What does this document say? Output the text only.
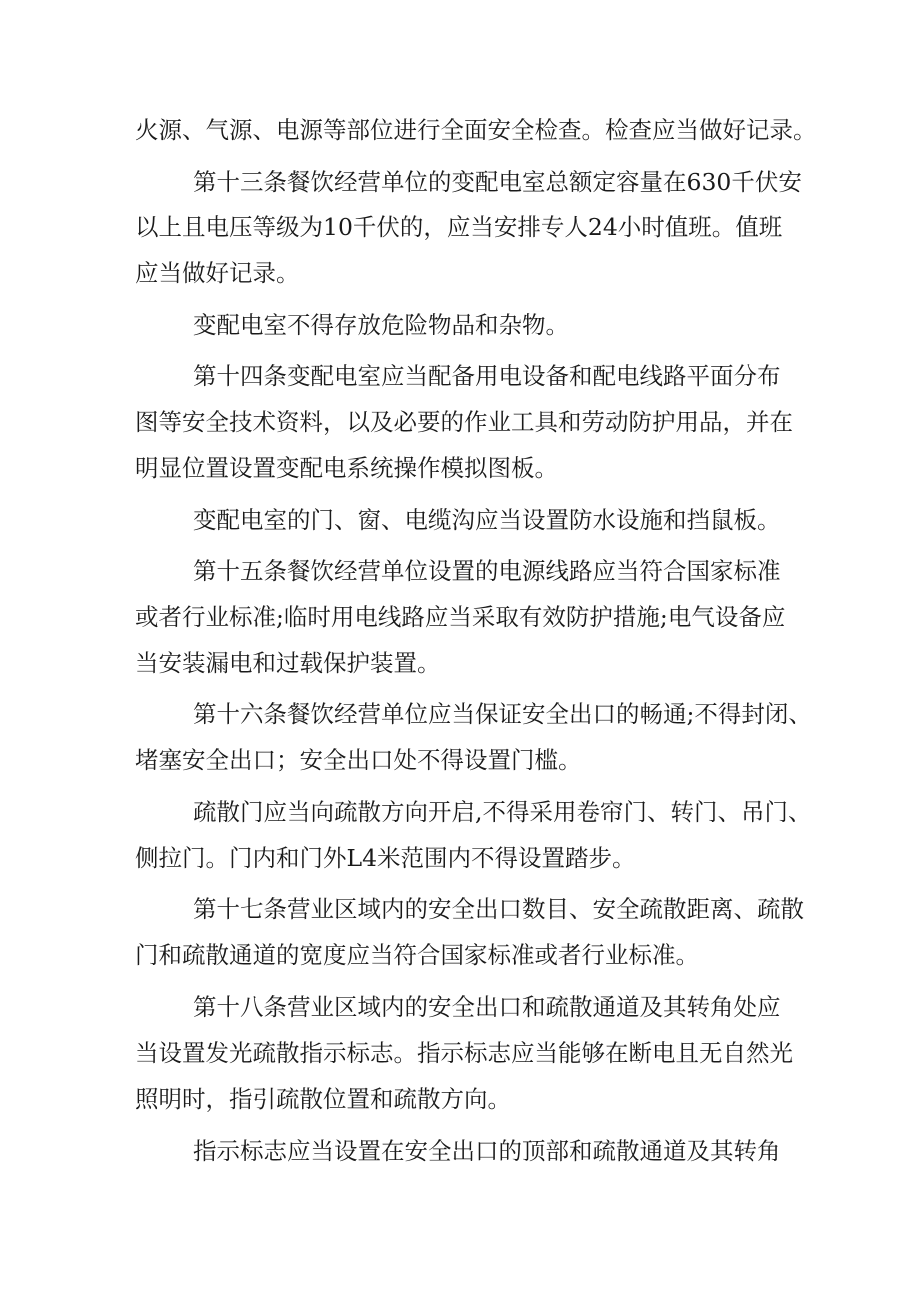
火源、气源、电源等部位进行全面安全检查。检查应当做好记录。
第十三条餐饮经营单位的变配电室总额定容量在630千伏安
以上且电压等级为10千伏的，应当安排专人24小时值班。值班
应当做好记录。
变配电室不得存放危险物品和杂物。
第十四条变配电室应当配备用电设备和配电线路平面分布
图等安全技术资料，以及必要的作业工具和劳动防护用品，并在
明显位置设置变配电系统操作模拟图板。
变配电室的门、窗、电缆沟应当设置防水设施和挡鼠板。
第十五条餐饮经营单位设置的电源线路应当符合国家标准
或者行业标准;临时用电线路应当采取有效防护措施;电气设备应
当安装漏电和过载保护装置。
第十六条餐饮经营单位应当保证安全出口的畅通;不得封闭、
堵塞安全出口；安全出口处不得设置门槛。
疏散门应当向疏散方向开启,不得采用卷帘门、转门、吊门、
侧拉门。门内和门外L4米范围内不得设置踏步。
第十七条营业区域内的安全出口数目、安全疏散距离、疏散
门和疏散通道的宽度应当符合国家标准或者行业标准。
第十八条营业区域内的安全出口和疏散通道及其转角处应
当设置发光疏散指示标志。指示标志应当能够在断电且无自然光
照明时，指引疏散位置和疏散方向。
指示标志应当设置在安全出口的顶部和疏散通道及其转角
